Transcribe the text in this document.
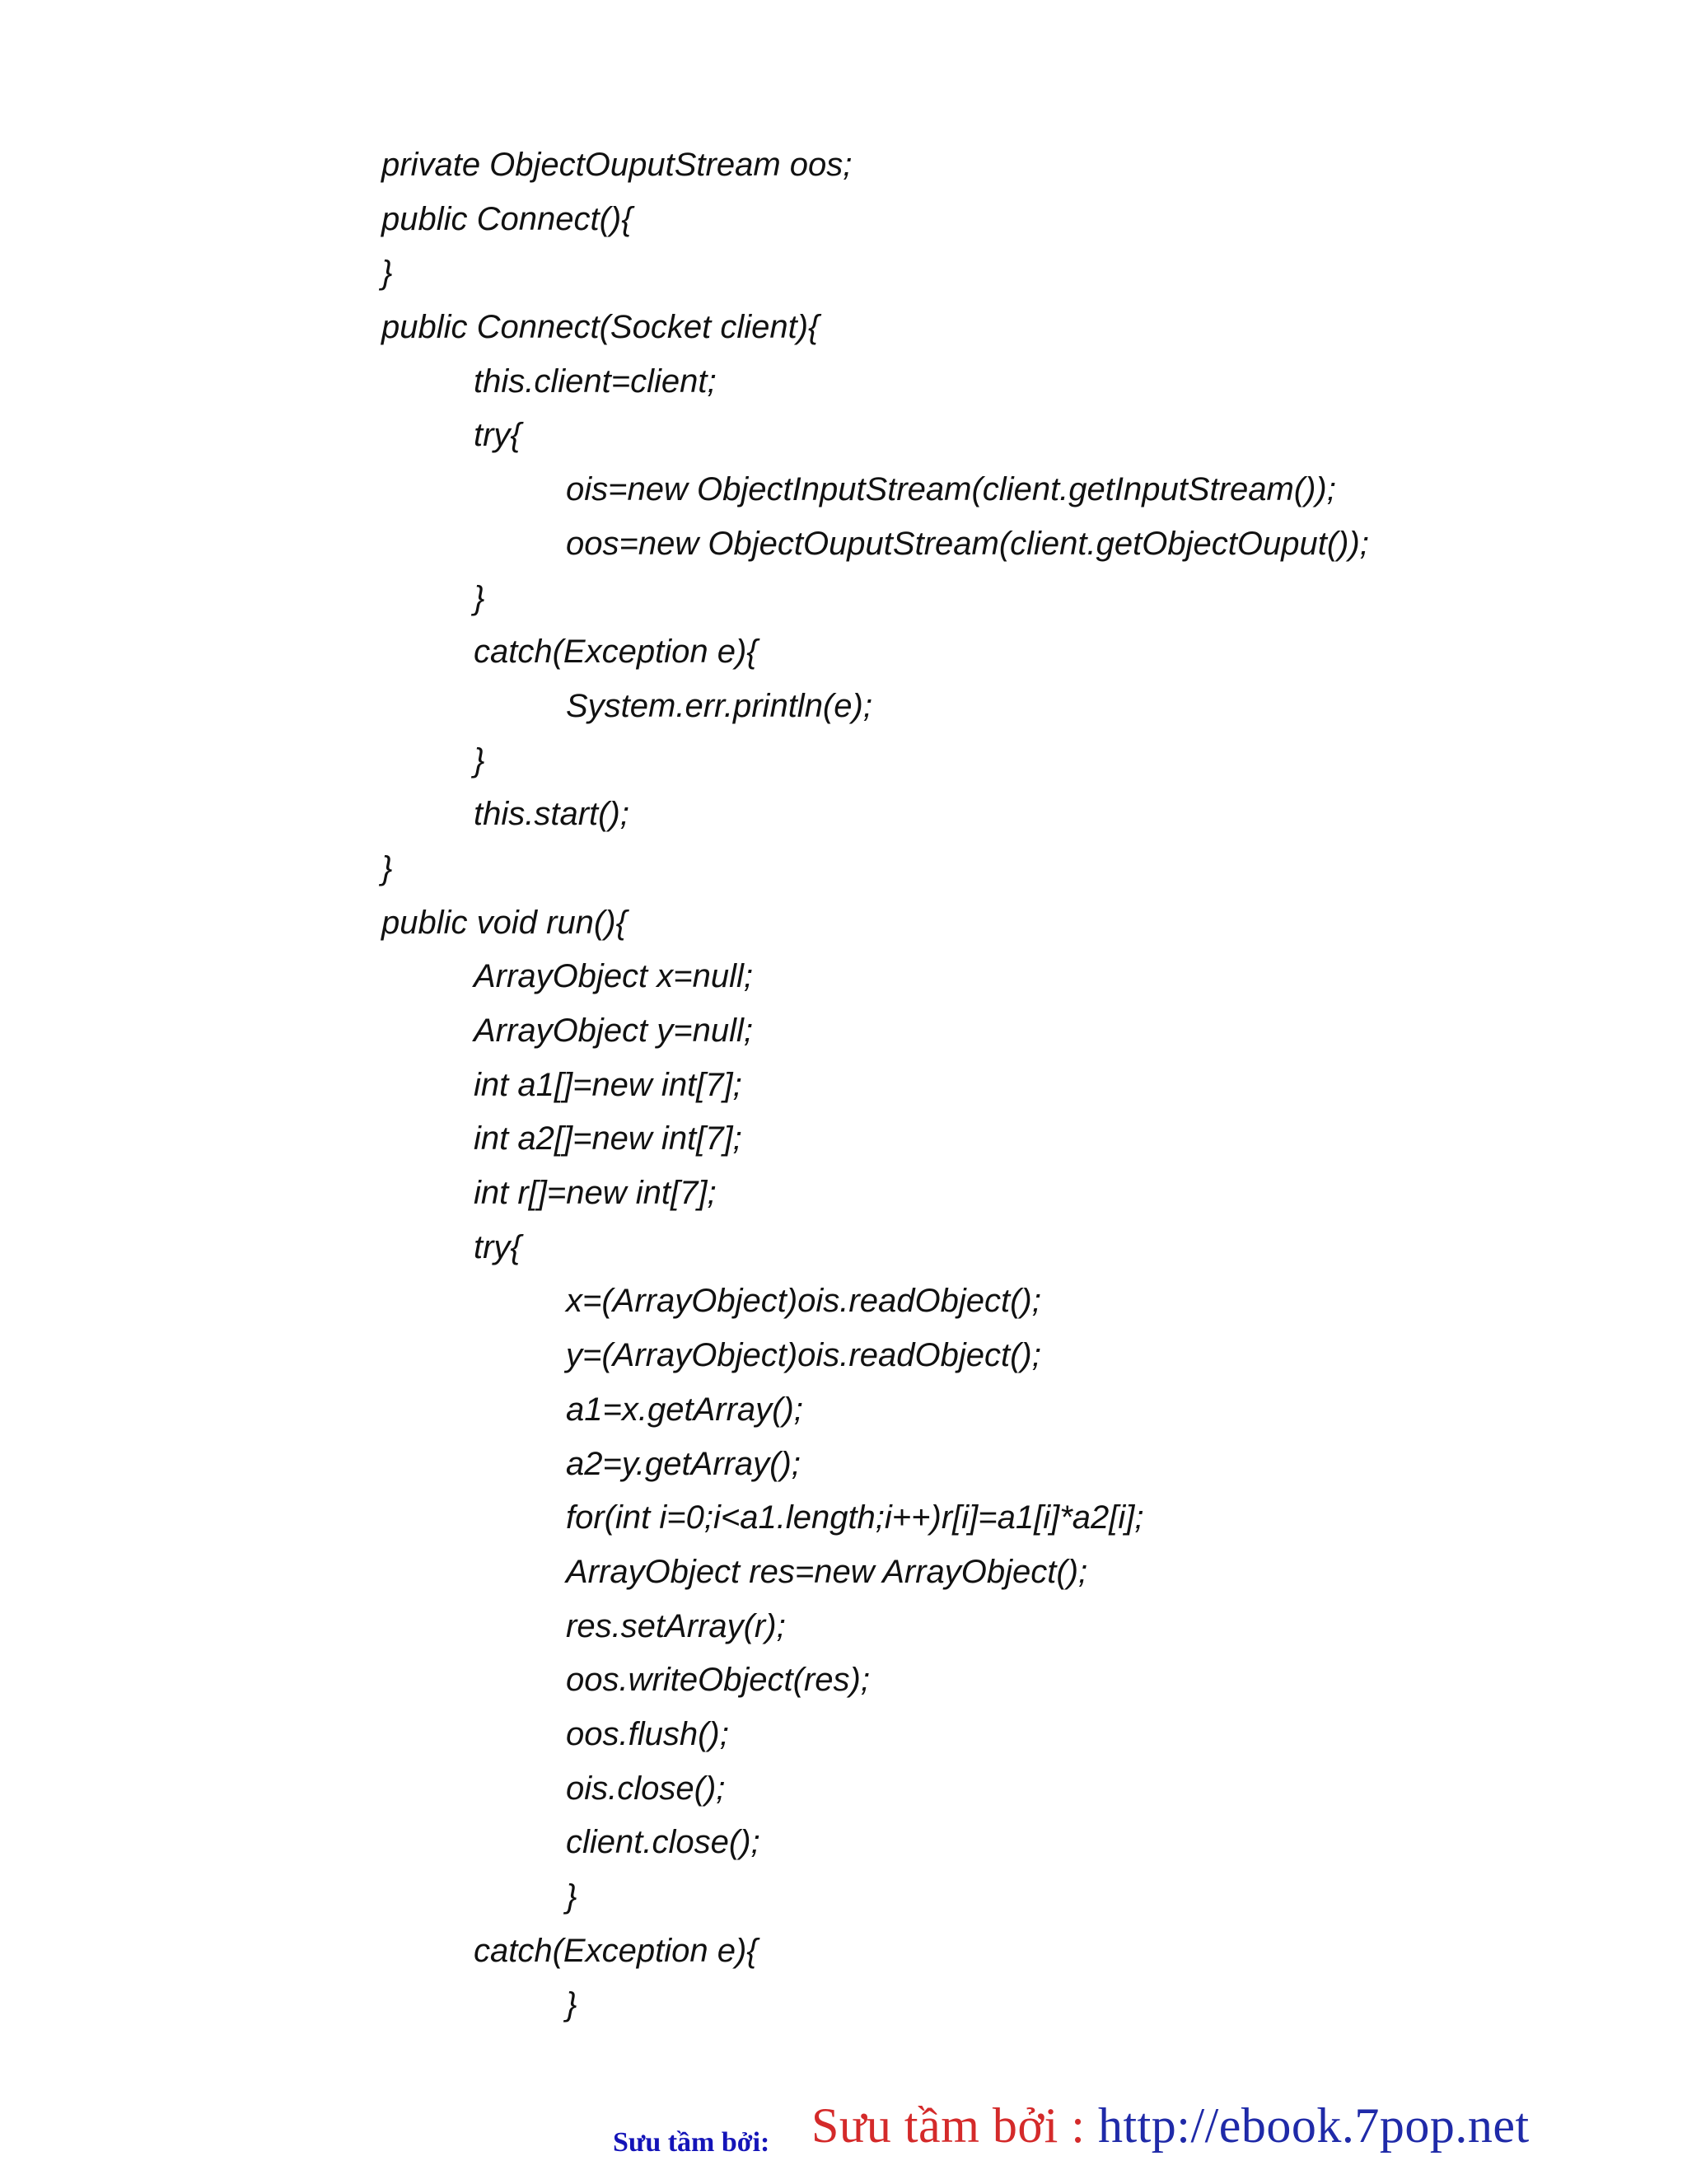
private ObjectOuputStream oos;
public Connect(){
}
public Connect(Socket client){
this.client=client;
try{
ois=new ObjectInputStream(client.getInputStream());
oos=new ObjectOuputStream(client.getObjectOuput());
}
catch(Exception e){
System.err.println(e);
}
this.start();
}
public void run(){
ArrayObject x=null;
ArrayObject y=null;
int a1[]=new int[7];
int a2[]=new int[7];
int r[]=new int[7];
try{
x=(ArrayObject)ois.readObject();
y=(ArrayObject)ois.readObject();
a1=x.getArray();
a2=y.getArray();
for(int i=0;i<a1.length;i++)r[i]=a1[i]*a2[i];
ArrayObject res=new ArrayObject();
res.setArray(r);
oos.writeObject(res);
oos.flush();
ois.close();
client.close();
}
catch(Exception e){
}
Sưu tầm bởi: Sưu tầm bởi : http://ebook.7pop.net
